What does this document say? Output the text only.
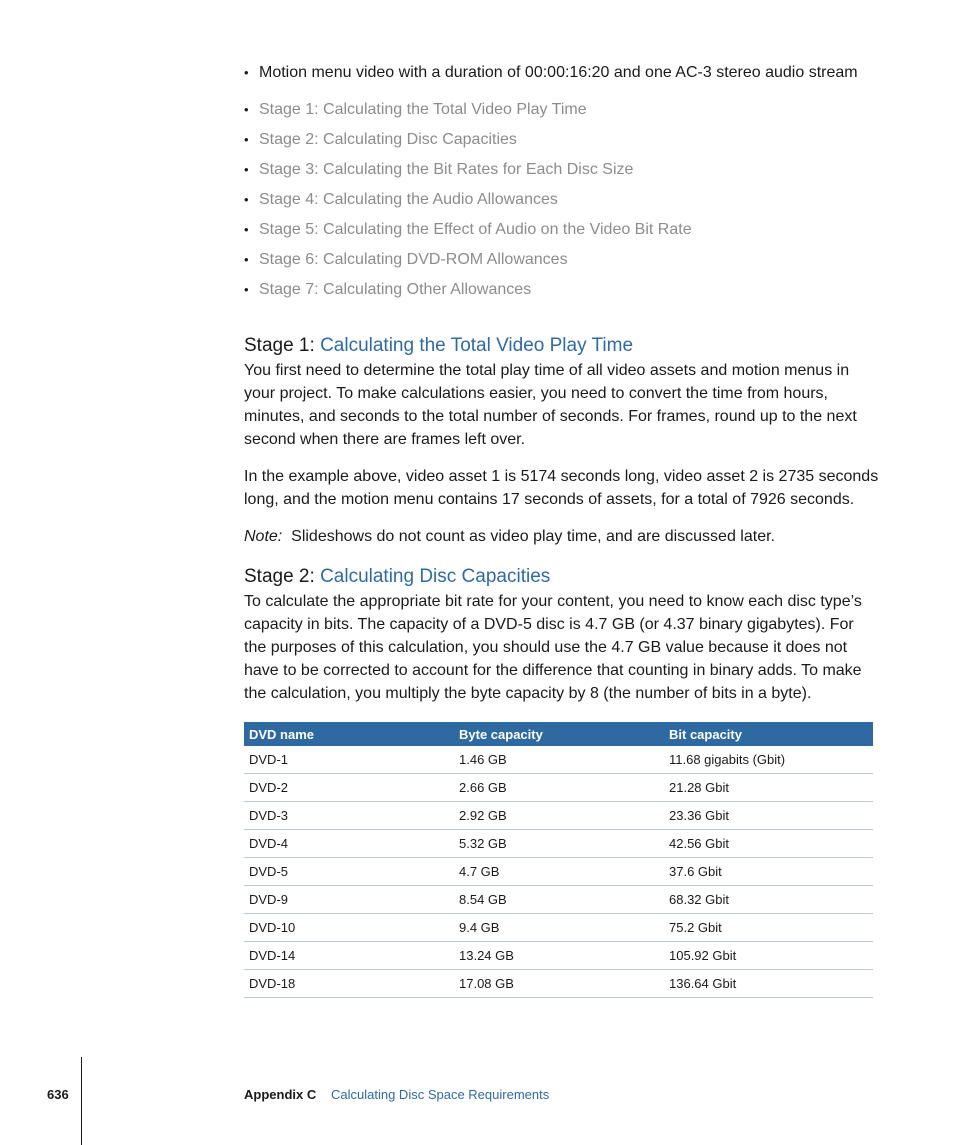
• Motion menu video with a duration of 00:00:16:20 and one AC-3 stereo audio stream
• Stage 1: Calculating the Total Video Play Time
• Stage 2: Calculating Disc Capacities
• Stage 3: Calculating the Bit Rates for Each Disc Size
• Stage 4: Calculating the Audio Allowances
• Stage 5: Calculating the Effect of Audio on the Video Bit Rate
• Stage 6: Calculating DVD-ROM Allowances
• Stage 7: Calculating Other Allowances
Stage 1: Calculating the Total Video Play Time

You first need to determine the total play time of all video assets and motion menus in your project. To make calculations easier, you need to convert the time from hours, minutes, and seconds to the total number of seconds. For frames, round up to the next second when there are frames left over.

In the example above, video asset 1 is 5174 seconds long, video asset 2 is 2735 seconds long, and the motion menu contains 17 seconds of assets, for a total of 7926 seconds.

Note: Slideshows do not count as video play time, and are discussed later.

Stage 2: Calculating Disc Capacities

To calculate the appropriate bit rate for your content, you need to know each disc type’s capacity in bits. The capacity of a DVD-5 disc is 4.7 GB (or 4.37 binary gigabytes). For the purposes of this calculation, you should use the 4.7 GB value because it does not have to be corrected to account for the difference that counting in binary adds. To make the calculation, you multiply the byte capacity by 8 (the number of bits in a byte).

DVD name	Byte capacity	Bit capacity
DVD-1	1.46 GB	11.68 gigabits (Gbit)
DVD-2	2.66 GB	21.28 Gbit
DVD-3	2.92 GB	23.36 Gbit
DVD-4	5.32 GB	42.56 Gbit
DVD-5	4.7 GB	37.6 Gbit
DVD-9	8.54 GB	68.32 Gbit
DVD-10	9.4 GB	75.2 Gbit
DVD-14	13.24 GB	105.92 Gbit
DVD-18	17.08 GB	136.64 Gbit
636	Appendix C Calculating Disc Space Requirements
